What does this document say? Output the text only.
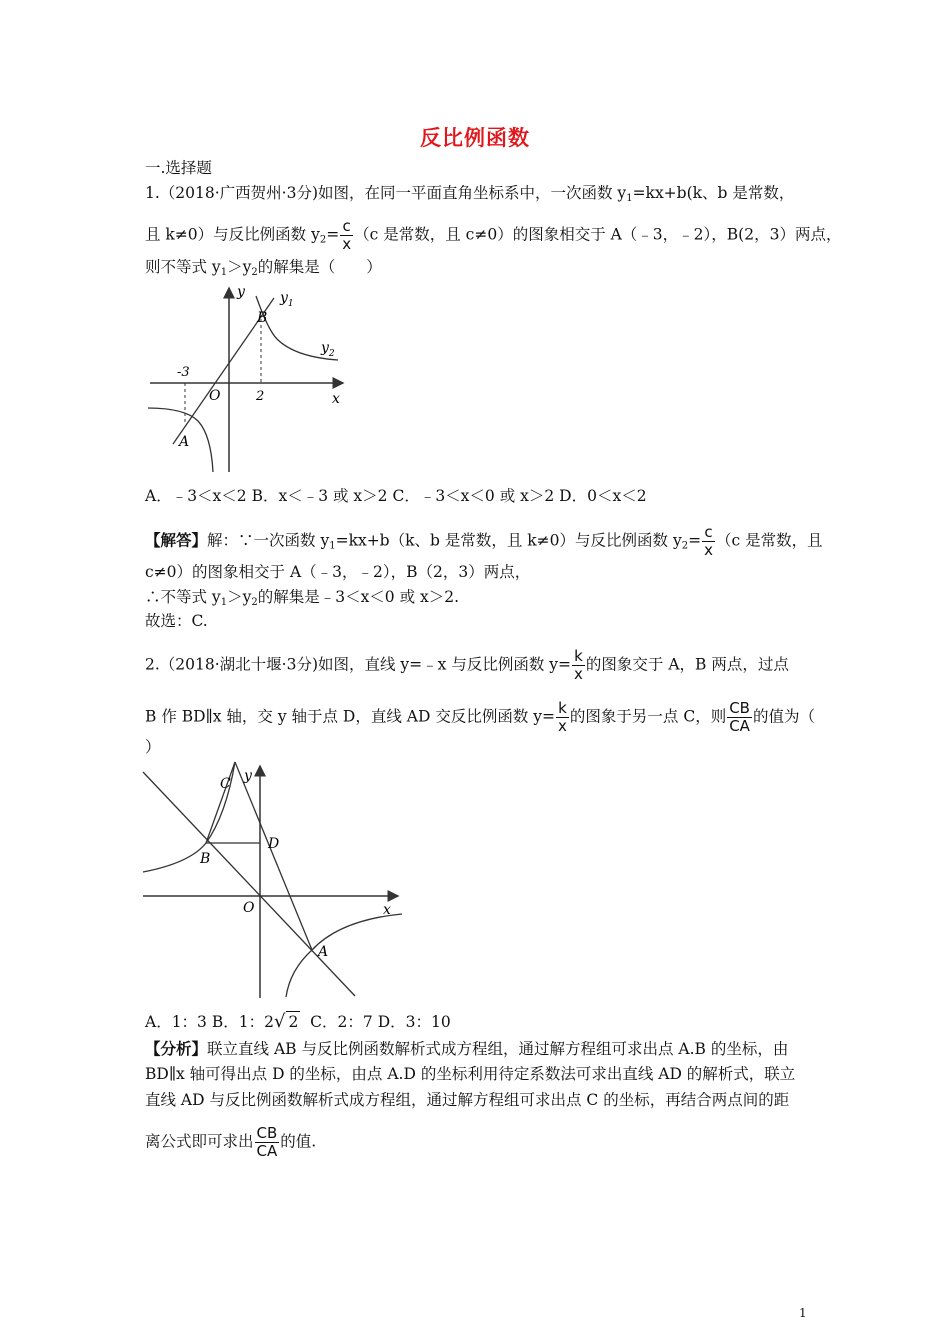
反比例函数
一.选择题
1.（2018·广西贺州·3分)如图，在同一平面直角坐标系中，一次函数 $y_1=kx+b(k$、b 是常数，
且 k≠0）与反比例函数 $y_2= \frac{c}{x} (c$ 是常数，且 c≠0）的图象相交于 A（﹣3，﹣2），B(2，3）两点，
则不等式 $y_1>y_2$的解集是（　　）
y	$y_1$
$y_2$
B
A
O	x
-3
2
A．﹣3＜x＜2 B．x＜﹣3 或 x＞2 C．﹣3＜x＜0 或 x＞2 D．0＜x＜2
【解答】解：∵一次函数 $y_1=kx+b(k$、b 是常数，且 k≠0）与反比例函数 $y_2= \frac{c}{x} (c$ 是常数，且
c≠0）的图象相交于 A（﹣3，﹣2），B（2，3）两点，
∴不等式 $y_1>y_2$的解集是﹣3＜x＜0 或 x＞2.
故选：C.
2.（2018·湖北十堰·3分)如图，直线 y=﹣x 与反比例函数 $y= \frac{k}{x}$ 的图象交于 A，B 两点，过点
B 作 BD∥x 轴，交 y 轴于点 D，直线 AD 交反比例函数 $y= \frac{k}{x}$ 的图象于另一点 C，则 $\frac{CB}{CA}$ 的值为（
）
C y
B
D
O	x
A
A．1：3 B．1：2√ 2  C．2：7 D．3：10
【分析】联立直线 AB 与反比例函数解析式成方程组，通过解方程组可求出点 A.B 的坐标，由
BD∥x 轴可得出点 D 的坐标，由点 A.D 的坐标利用待定系数法可求出直线 AD 的解析式，联立
直线 AD 与反比例函数解析式成方程组，通过解方程组可求出点 C 的坐标，再结合两点间的距
离公式即可求出 $\frac{CB}{CA}$ 的值.
1
